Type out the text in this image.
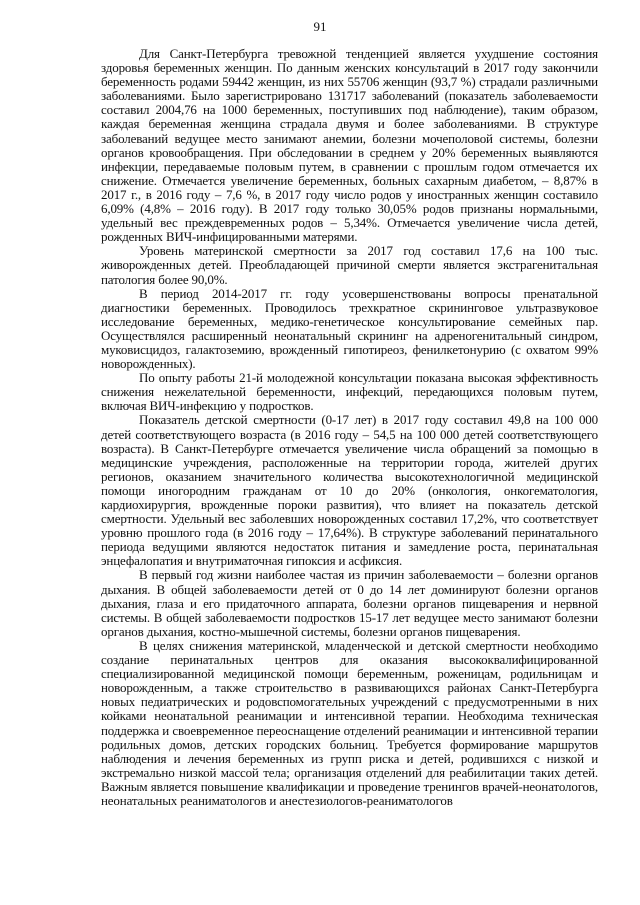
91

Для Санкт-Петербурга тревожной тенденцией является ухудшение состояния здоровья беременных женщин. По данным женских консультаций в 2017 году закончили беременность родами 59442 женщин, из них 55706 женщин (93,7 %) страдали различными заболеваниями. Было зарегистрировано 131717 заболеваний (показатель заболеваемости составил 2004,76 на 1000 беременных, поступивших под наблюдение), таким образом, каждая беременная женщина страдала двумя и более заболеваниями. В структуре заболеваний ведущее место занимают анемии, болезни мочеполовой системы, болезни органов кровообращения. При обследовании в среднем у 20% беременных выявляются инфекции, передаваемые половым путем, в сравнении с прошлым годом отмечается их снижение. Отмечается увеличение беременных, больных сахарным диабетом, – 8,87% в 2017 г., в 2016 году – 7,6 %, в 2017 году число родов у иностранных женщин составило 6,09% (4,8% – 2016 году). В 2017 году только 30,05% родов признаны нормальными, удельный вес преждевременных родов – 5,34%. Отмечается увеличение числа детей, рожденных ВИЧ-инфицированными матерями.

Уровень материнской смертности за 2017 год составил 17,6 на 100 тыс. живорожденных детей. Преобладающей причиной смерти является экстрагенитальная патология более 90,0%.

В период 2014-2017 гг. году усовершенствованы вопросы пренатальной диагностики беременных. Проводилось трехкратное скрининговое ультразвуковое исследование беременных, медико-генетическое консультирование семейных пар. Осуществлялся расширенный неонатальный скрининг на адреногенитальный синдром, муковисцидоз, галактоземию, врожденный гипотиреоз, фенилкетонурию (с охватом 99% новорожденных).

По опыту работы 21-й молодежной консультации показана высокая эффективность снижения нежелательной беременности, инфекций, передающихся половым путем, включая ВИЧ-инфекцию у подростков.

Показатель детской смертности (0-17 лет) в 2017 году составил 49,8 на 100 000 детей соответствующего возраста (в 2016 году – 54,5 на 100 000 детей соответствующего возраста). В Санкт-Петербурге отмечается увеличение числа обращений за помощью в медицинские учреждения, расположенные на территории города, жителей других регионов, оказанием значительного количества высокотехнологичной медицинской помощи иногородним гражданам от 10 до 20% (онкология, онкогематология, кардиохирургия, врожденные пороки развития), что влияет на показатель детской смертности. Удельный вес заболевших новорожденных составил 17,2%, что соответствует уровню прошлого года (в 2016 году – 17,64%). В структуре заболеваний перинатального периода ведущими являются недостаток питания и замедление роста, перинатальная энцефалопатия и внутриматочная гипоксия и асфиксия.

В первый год жизни наиболее частая из причин заболеваемости – болезни органов дыхания. В общей заболеваемости детей от 0 до 14 лет доминируют болезни органов дыхания, глаза и его придаточного аппарата, болезни органов пищеварения и нервной системы. В общей заболеваемости подростков 15-17 лет ведущее место занимают болезни органов дыхания, костно-мышечной системы, болезни органов пищеварения.

В целях снижения материнской, младенческой и детской смертности необходимо создание перинатальных центров для оказания высококвалифицированной специализированной медицинской помощи беременным, роженицам, родильницам и новорожденным, а также строительство в развивающихся районах Санкт-Петербурга новых педиатрических и родовспомогательных учреждений с предусмотренными в них койками неонатальной реанимации и интенсивной терапии. Необходима техническая поддержка и своевременное переоснащение отделений реанимации и интенсивной терапии родильных домов, детских городских больниц. Требуется формирование маршрутов наблюдения и лечения беременных из групп риска и детей, родившихся с низкой и экстремально низкой массой тела; организация отделений для реабилитации таких детей. Важным является повышение квалификации и проведение тренингов врачей-неонатологов, неонатальных реаниматологов и анестезиологов-реаниматологов
